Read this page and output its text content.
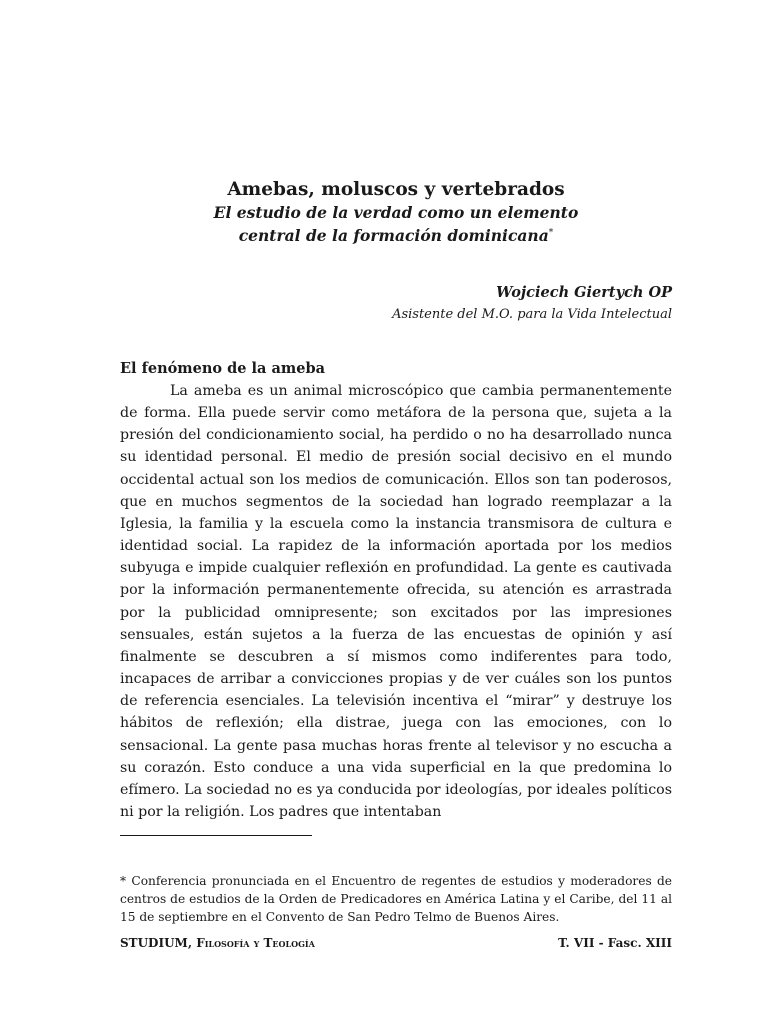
Amebas, moluscos y vertebrados
El estudio de la verdad como un elemento
central de la formación dominicana*
Wojciech Giertych OP
Asistente del M.O. para la Vida Intelectual
El fenómeno de la ameba

La ameba es un animal microscópico que cambia permanentemente de forma. Ella puede servir como metáfora de la persona que, sujeta a la presión del condicionamiento social, ha perdido o no ha desarrollado nunca su identidad personal. El medio de presión social decisivo en el mundo occidental actual son los medios de comunicación. Ellos son tan poderosos, que en muchos segmentos de la sociedad han logrado reemplazar a la Iglesia, la familia y la escuela como la instancia transmisora de cultura e identidad social. La rapidez de la información aportada por los medios subyuga e impide cualquier reflexión en profundidad. La gente es cautivada por la información permanentemente ofrecida, su atención es arrastrada por la publicidad omnipresente; son excitados por las impresiones sensuales, están sujetos a la fuerza de las encuestas de opinión y así finalmente se descubren a sí mismos como indiferentes para todo, incapaces de arribar a convicciones propias y de ver cuáles son los puntos de referencia esenciales. La televisión incentiva el “mirar” y destruye los hábitos de reflexión; ella distrae, juega con las emociones, con lo sensacional. La gente pasa muchas horas frente al televisor y no escucha a su corazón. Esto conduce a una vida superficial en la que predomina lo efímero. La sociedad no es ya conducida por ideologías, por ideales políticos ni por la religión. Los padres que intentaban

* Conferencia pronunciada en el Encuentro de regentes de estudios y moderadores de centros de estudios de la Orden de Predicadores en América Latina y el Caribe, del 11 al 15 de septiembre en el Convento de San Pedro Telmo de Buenos Aires.
STUDIUM, Filosofía y Teología	T. VII - Fasc. XIII
